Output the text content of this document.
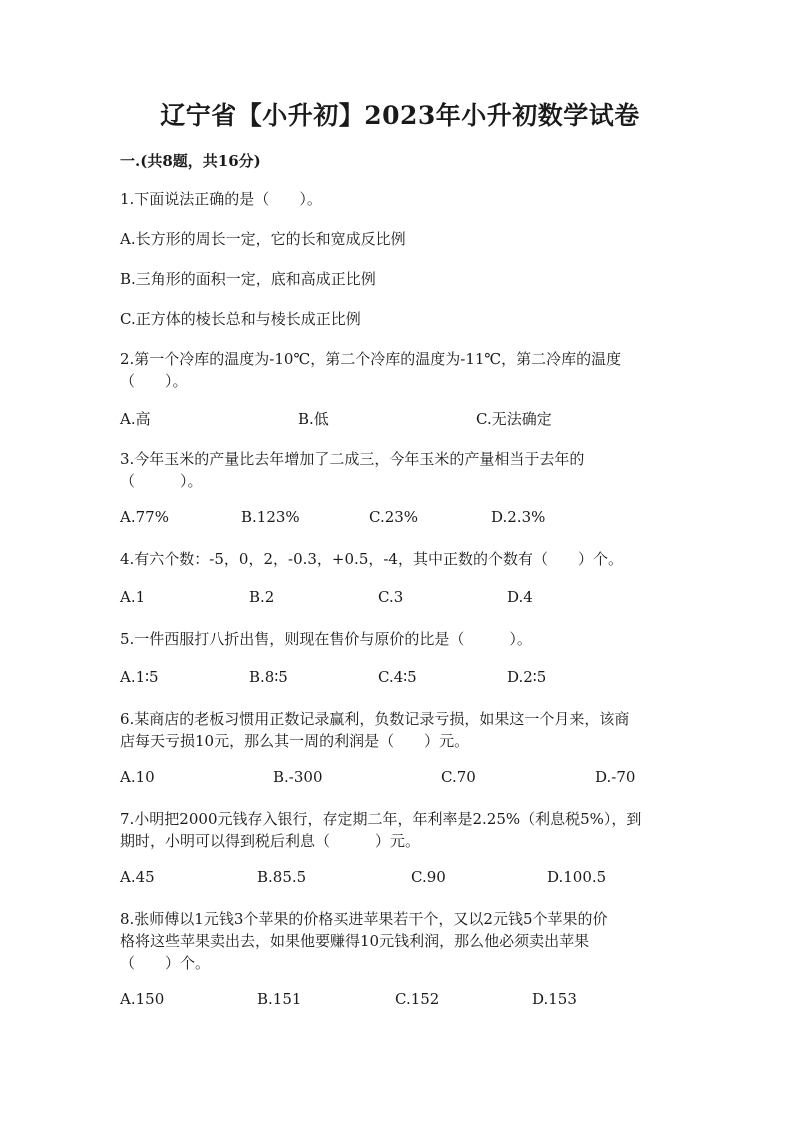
辽宁省【小升初】2023年小升初数学试卷
一.(共8题，共16分)
1.下面说法正确的是（　　）。
A.长方形的周长一定，它的长和宽成反比例
B.三角形的面积一定，底和高成正比例
C.正方体的棱长总和与棱长成正比例
2.第一个冷库的温度为-10℃，第二个冷库的温度为-11℃，第二冷库的温度
（　　）。
A.高	B.低	C.无法确定
3.今年玉米的产量比去年增加了二成三，今年玉米的产量相当于去年的
（　　　）。
A.77%	B.123%	C.23%	D.2.3%
4.有六个数：-5，0，2，-0.3，+0.5，-4，其中正数的个数有（　　）个。
A.1	B.2	C.3	D.4
5.一件西服打八折出售，则现在售价与原价的比是（　　　）。
A.1∶5	B.8∶5	C.4∶5	D.2∶5
6.某商店的老板习惯用正数记录赢利，负数记录亏损，如果这一个月来，该商
店每天亏损10元，那么其一周的利润是（　　）元。
A.10	B.-300	C.70	D.-70
7.小明把2000元钱存入银行，存定期二年，年利率是2.25%（利息税5%），到
期时，小明可以得到税后利息（　　　）元。
A.45	B.85.5	C.90	D.100.5
8.张师傅以1元钱3个苹果的价格买进苹果若干个，又以2元钱5个苹果的价
格将这些苹果卖出去，如果他要赚得10元钱利润，那么他必须卖出苹果
（　　）个。
A.150	B.151	C.152	D.153
